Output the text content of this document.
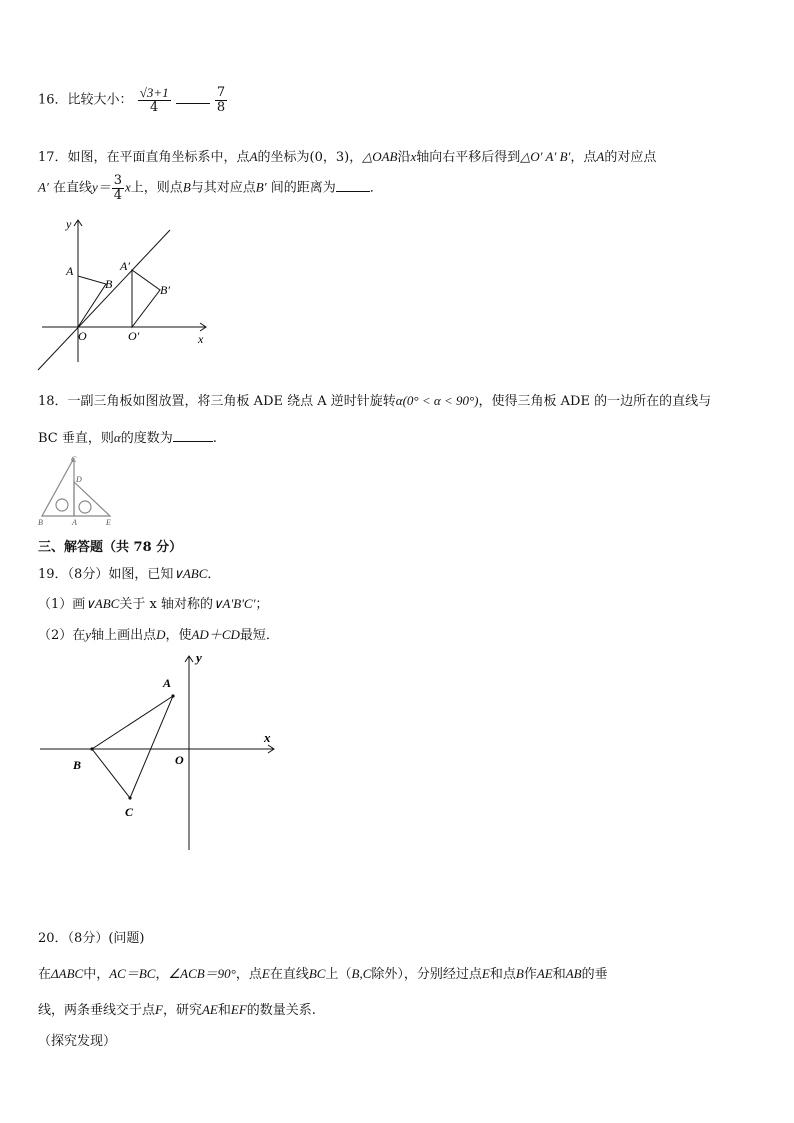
16．比较大小： $\frac{√3+1}{4}$
	$\frac{7}{8}$
17．如图，在平面直角坐标系中，点A的坐标为(0，3)，△OAB沿x轴向右平移后得到△O′ A′ B′，点A的对应点
A′ 在直线$y= \frac{3}{4}$ x上，则点B与其对应点B′ 间的距离为	．
y
x
O	O′
A
B
A′
B′
18．一副三角板如图放置，将三角板 ADE 绕点 A 逆时针旋转α(0° < α < 90°)，使得三角板 ADE 的一边所在的直线与
BC 垂直，则α的度数为	.
C
D
B	A	E
三、解答题（共 78 分）
19．（8分）如图，已知∨ABC．
（1）画∨ABC关于 x 轴对称的∨A'B'C'；
（2）在y轴上画出点D，使AD＋CD最短．
y
x
A
B
C
O
20．（8分）(问题)
在ΔABC中，AC＝BC，∠ACB＝90°，点E在直线BC上（B,C除外），分别经过点E和点B作AE和AB的垂
线，两条垂线交于点F，研究AE和EF的数量关系.
（探究发现）
